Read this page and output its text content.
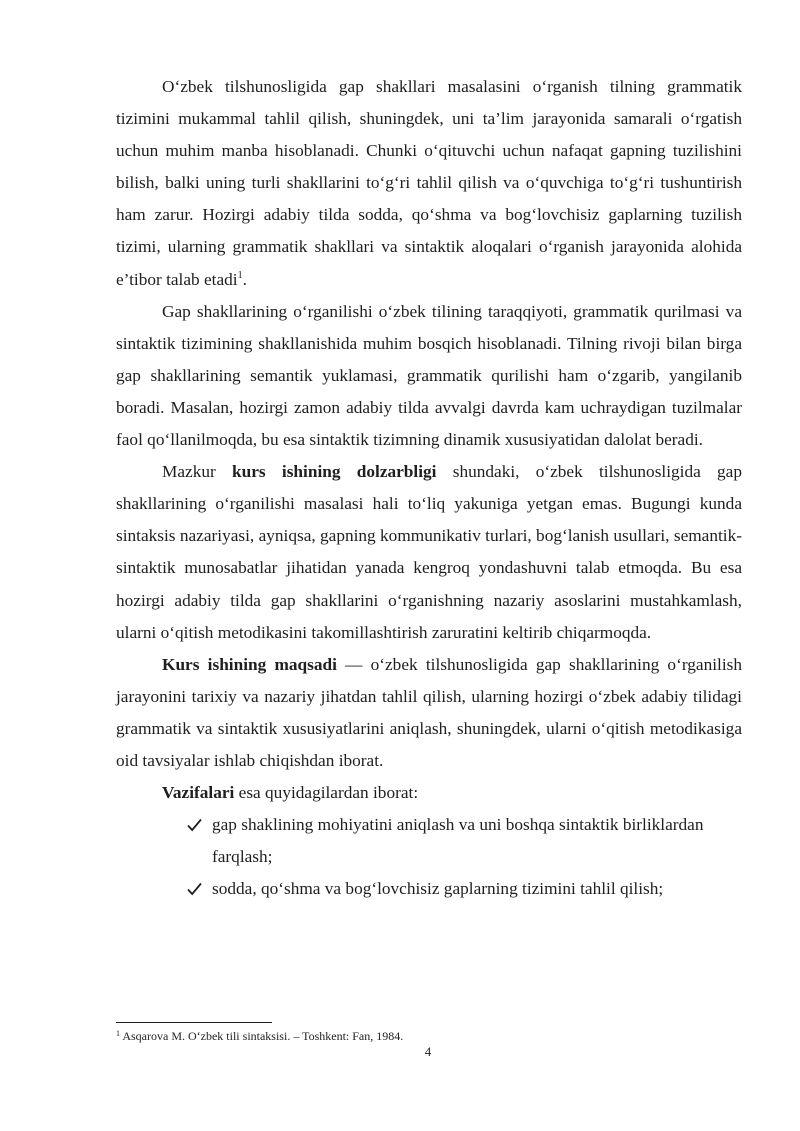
O‘zbek tilshunosligida gap shakllari masalasini o‘rganish tilning grammatik tizimini mukammal tahlil qilish, shuningdek, uni ta’lim jarayonida samarali o‘rgatish uchun muhim manba hisoblanadi. Chunki o‘qituvchi uchun nafaqat gapning tuzilishini bilish, balki uning turli shakllarini to‘g‘ri tahlil qilish va o‘quvchiga to‘g‘ri tushuntirish ham zarur. Hozirgi adabiy tilda sodda, qo‘shma va bog‘lovchisiz gaplarning tuzilish tizimi, ularning grammatik shakllari va sintaktik aloqalari o‘rganish jarayonida alohida e’tibor talab etadi$^1$.

Gap shakllarining o‘rganilishi o‘zbek tilining taraqqiyoti, grammatik qurilmasi va sintaktik tizimining shakllanishida muhim bosqich hisoblanadi. Tilning rivoji bilan birga gap shakllarining semantik yuklamasi, grammatik qurilishi ham o‘zgarib, yangilanib boradi. Masalan, hozirgi zamon adabiy tilda avvalgi davrda kam uchraydigan tuzilmalar faol qo‘llanilmoqda, bu esa sintaktik tizimning dinamik xususiyatidan dalolat beradi.

Mazkur kurs ishining dolzarbligi shundaki, o‘zbek tilshunosligida gap shakllarining o‘rganilishi masalasi hali to‘liq yakuniga yetgan emas. Bugungi kunda sintaksis nazariyasi, ayniqsa, gapning kommunikativ turlari, bog‘lanish usullari, semantik-sintaktik munosabatlar jihatidan yanada kengroq yondashuvni talab etmoqda. Bu esa hozirgi adabiy tilda gap shakllarini o‘rganishning nazariy asoslarini mustahkamlash, ularni o‘qitish metodikasini takomillashtirish zaruratini keltirib chiqarmoqda.

Kurs ishining maqsadi — o‘zbek tilshunosligida gap shakllarining o‘rganilish jarayonini tarixiy va nazariy jihatdan tahlil qilish, ularning hozirgi o‘zbek adabiy tilidagi grammatik va sintaktik xususiyatlarini aniqlash, shuningdek, ularni o‘qitish metodikasiga oid tavsiyalar ishlab chiqishdan iborat.

Vazifalari esa quyidagilardan iborat:

gap shaklining mohiyatini aniqlash va uni boshqa sintaktik birliklardan farqlash;
sodda, qo‘shma va bog‘lovchisiz gaplarning tizimini tahlil qilish;
$^1$ Asqarova M. O‘zbek tili sintaksisi. – Toshkent: Fan, 1984.
4
